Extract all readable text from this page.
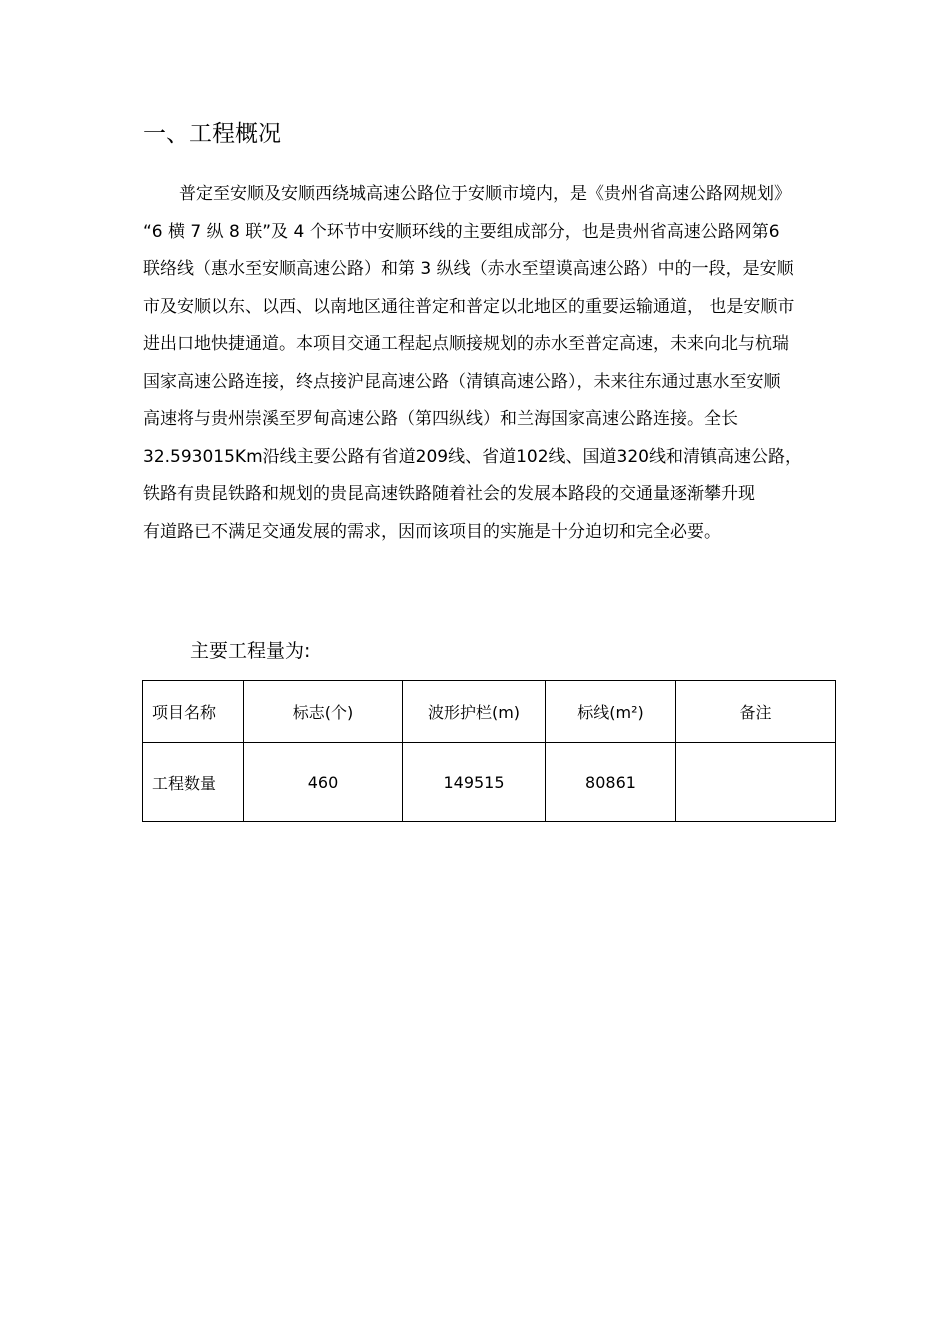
一、工程概况
普定至安顺及安顺西绕城高速公路位于安顺市境内，是《贵州省高速公路网规划》
“6 横 7 纵 8 联”及 4 个环节中安顺环线的主要组成部分，也是贵州省高速公路网第6
联络线（惠水至安顺高速公路）和第 3 纵线（赤水至望谟高速公路）中的一段，是安顺
市及安顺以东、以西、以南地区通往普定和普定以北地区的重要运输通道， 也是安顺市
进出口地快捷通道。本项目交通工程起点顺接规划的赤水至普定高速，未来向北与杭瑞
国家高速公路连接，终点接沪昆高速公路（清镇高速公路），未来往东通过惠水至安顺
高速将与贵州崇溪至罗甸高速公路（第四纵线）和兰海国家高速公路连接。全长
32.593015Km沿线主要公路有省道209线、省道102线、国道320线和清镇高速公路，
铁路有贵昆铁路和规划的贵昆高速铁路随着社会的发展本路段的交通量逐渐攀升现
有道路已不满足交通发展的需求，因而该项目的实施是十分迫切和完全必要。

主要工程量为:

项目名称	标志(个)	波形护栏(m)	标线(m²)	备注
工程数量	460	149515	80861	
